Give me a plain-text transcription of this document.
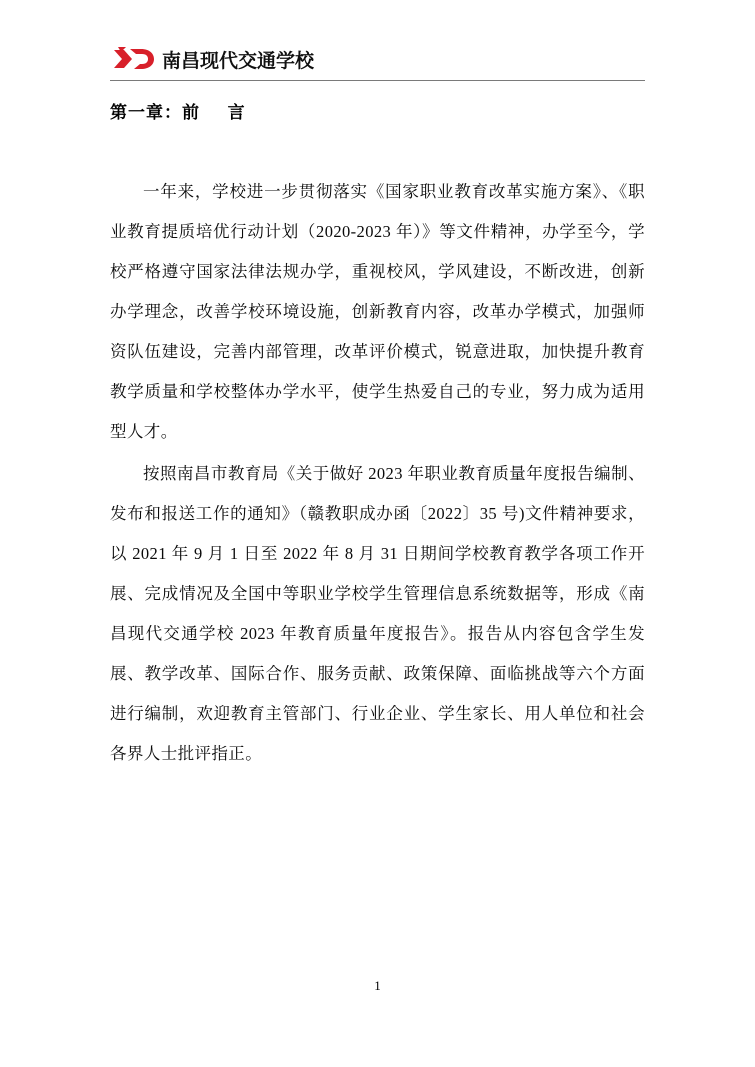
南昌现代交通学校
第一章：前    言

一年来，学校进一步贯彻落实《国家职业教育改革实施方案》、《职业教育提质培优行动计划（2020-2023 年）》等文件精神，办学至今，学校严格遵守国家法律法规办学，重视校风，学风建设，不断改进，创新办学理念，改善学校环境设施，创新教育内容，改革办学模式，加强师资队伍建设，完善内部管理，改革评价模式，锐意进取，加快提升教育教学质量和学校整体办学水平，使学生热爱自己的专业，努力成为适用型人才。

按照南昌市教育局《关于做好 2023 年职业教育质量年度报告编制、发布和报送工作的通知》（赣教职成办函〔2022〕35 号)文件精神要求，以 2021 年 9 月 1 日至 2022 年 8 月 31 日期间学校教育教学各项工作开展、完成情况及全国中等职业学校学生管理信息系统数据等，形成《南昌现代交通学校 2023 年教育质量年度报告》。报告从内容包含学生发展、教学改革、国际合作、服务贡献、政策保障、面临挑战等六个方面进行编制，欢迎教育主管部门、行业企业、学生家长、用人单位和社会各界人士批评指正。

1
